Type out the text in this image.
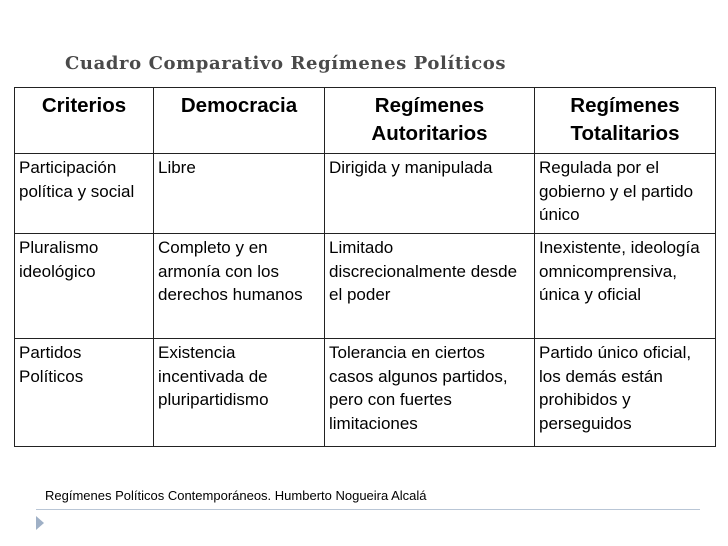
Cuadro Comparativo Regímenes Políticos
Criterios	Democracia	Regímenes Autoritarios	Regímenes Totalitarios
Participación política y social	Libre	Dirigida y manipulada	Regulada por el gobierno y el partido único
Pluralismo ideológico	Completo y en armonía con los derechos humanos	Limitado discrecionalmente desde el poder	Inexistente, ideología omnicomprensiva, única y oficial
Partidos Políticos	Existencia incentivada de pluripartidismo	Tolerancia en ciertos casos algunos partidos, pero con fuertes limitaciones	Partido único oficial, los demás están prohibidos y perseguidos
Regímenes Políticos Contemporáneos. Humberto Nogueira Alcalá
